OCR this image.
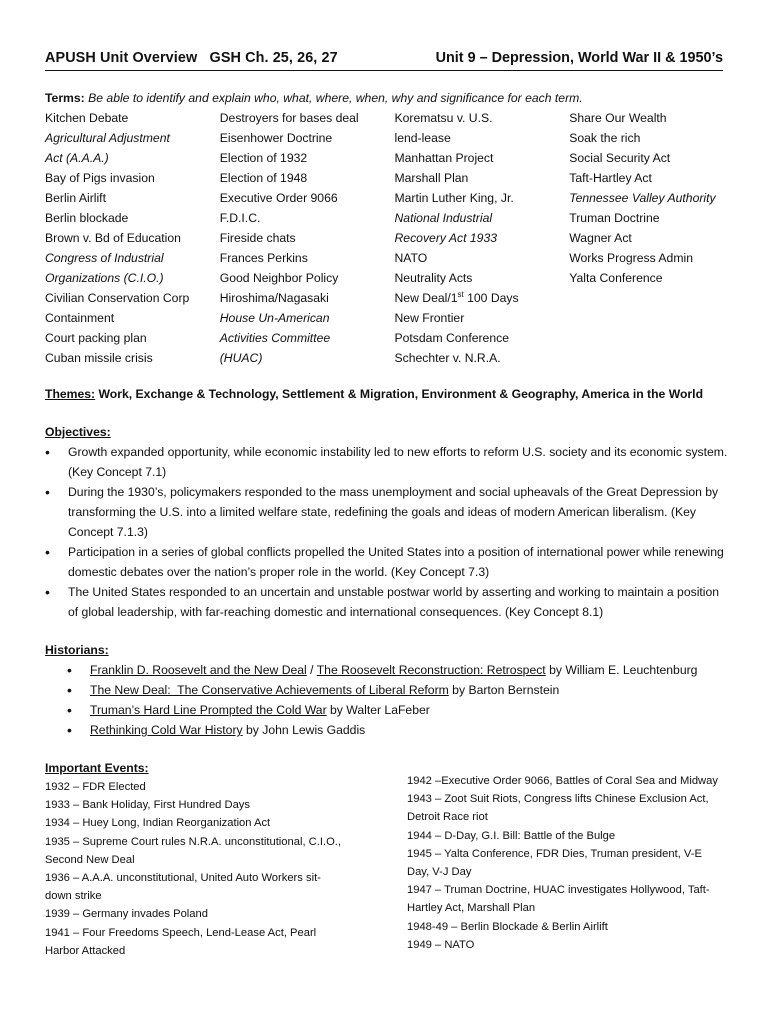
APUSH Unit Overview   GSH Ch. 25, 26, 27	Unit 9 – Depression, World War II & 1950’s
Terms: Be able to identify and explain who, what, where, when, why and significance for each term.
Kitchen Debate
Agricultural Adjustment
Act (A.A.A.)
Bay of Pigs invasion
Berlin Airlift
Berlin blockade
Brown v. Bd of Education
Congress of Industrial
Organizations (C.I.O.)
Civilian Conservation Corp
Containment
Court packing plan
Cuban missile crisis
Destroyers for bases deal
Eisenhower Doctrine
Election of 1932
Election of 1948
Executive Order 9066
F.D.I.C.
Fireside chats
Frances Perkins
Good Neighbor Policy
Hiroshima/Nagasaki
House Un-American
Activities Committee
(HUAC)
Korematsu v. U.S.
lend-lease
Manhattan Project
Marshall Plan
Martin Luther King, Jr.
National Industrial
Recovery Act 1933
NATO
Neutrality Acts
New Deal/1st 100 Days
New Frontier
Potsdam Conference
Schechter v. N.R.A.
Share Our Wealth
Soak the rich
Social Security Act
Taft-Hartley Act
Tennessee Valley Authority
Truman Doctrine
Wagner Act
Works Progress Admin
Yalta Conference
Themes: Work, Exchange & Technology, Settlement & Migration, Environment & Geography, America in the World
Objectives:
• Growth expanded opportunity, while economic instability led to new efforts to reform U.S. society and its economic system. (Key Concept 7.1)
• During the 1930’s, policymakers responded to the mass unemployment and social upheavals of the Great Depression by transforming the U.S. into a limited welfare state, redefining the goals and ideas of modern American liberalism. (Key Concept 7.1.3)
• Participation in a series of global conflicts propelled the United States into a position of international power while renewing domestic debates over the nation’s proper role in the world. (Key Concept 7.3)
• The United States responded to an uncertain and unstable postwar world by asserting and working to maintain a position of global leadership, with far-reaching domestic and international consequences. (Key Concept 8.1)
Historians:
• Franklin D. Roosevelt and the New Deal / The Roosevelt Reconstruction: Retrospect by William E. Leuchtenburg
• The New Deal:  The Conservative Achievements of Liberal Reform by Barton Bernstein
• Truman’s Hard Line Prompted the Cold War by Walter LaFeber
• Rethinking Cold War History by John Lewis Gaddis
Important Events:
1932 – FDR Elected
1933 – Bank Holiday, First Hundred Days
1934 – Huey Long, Indian Reorganization Act
1935 – Supreme Court rules N.R.A. unconstitutional, C.I.O., Second New Deal
1936 – A.A.A. unconstitutional, United Auto Workers sit-down strike
1939 – Germany invades Poland
1941 – Four Freedoms Speech, Lend-Lease Act, Pearl Harbor Attacked
1942 –Executive Order 9066, Battles of Coral Sea and Midway
1943 – Zoot Suit Riots, Congress lifts Chinese Exclusion Act, Detroit Race riot
1944 – D-Day, G.I. Bill: Battle of the Bulge
1945 – Yalta Conference, FDR Dies, Truman president, V-E Day, V-J Day
1947 – Truman Doctrine, HUAC investigates Hollywood, Taft-Hartley Act, Marshall Plan
1948-49 – Berlin Blockade & Berlin Airlift
1949 – NATO
